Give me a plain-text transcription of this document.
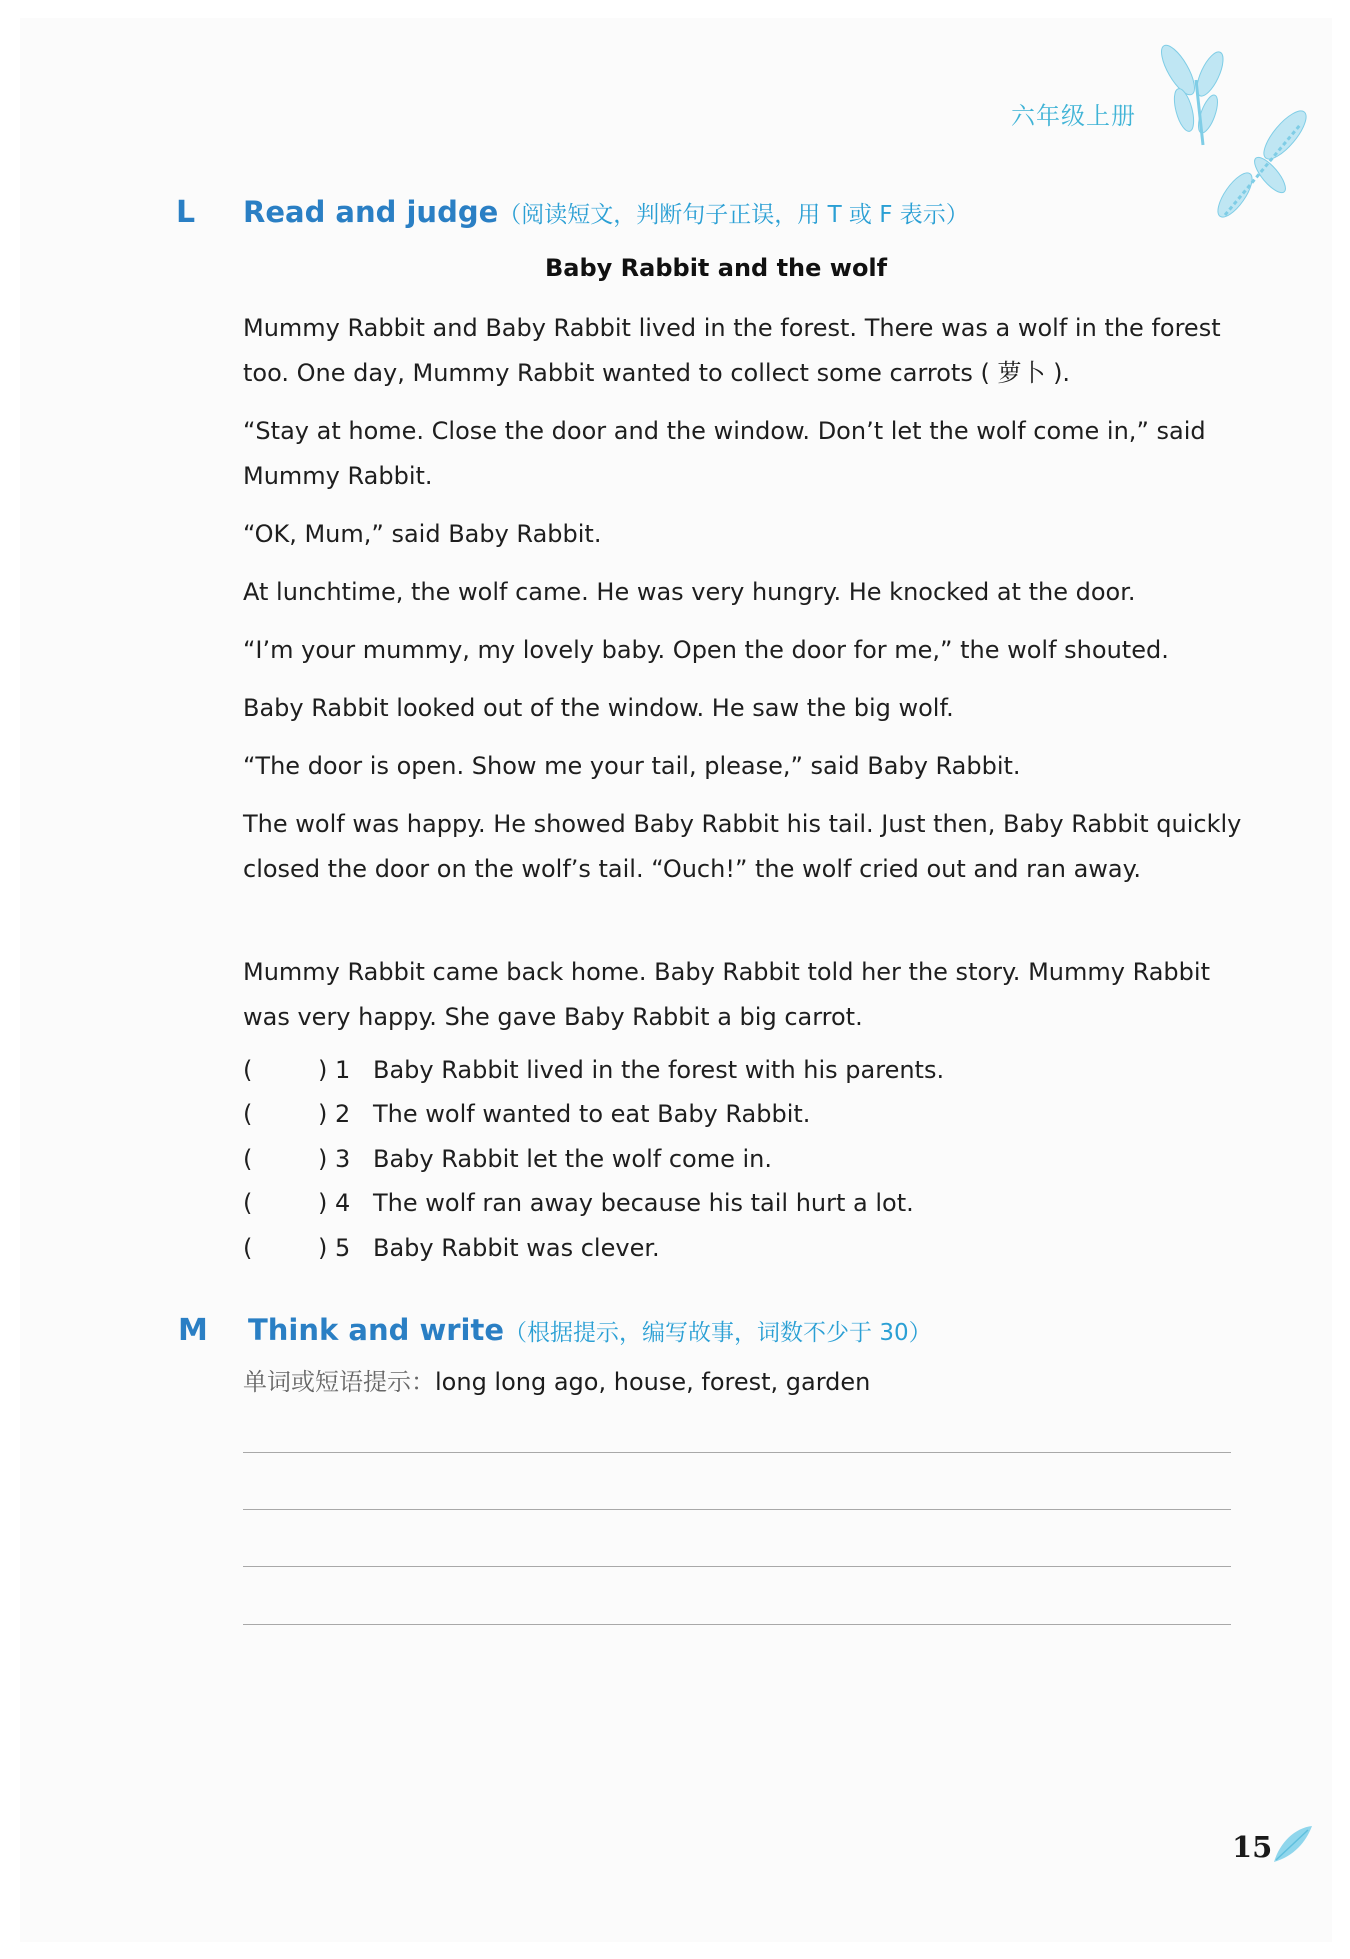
六年级上册
L Read and judge（阅读短文，判断句子正误，用 T 或 F 表示）
Baby Rabbit and the wolf

Mummy Rabbit and Baby Rabbit lived in the forest. There was a wolf in the forest too. One day, Mummy Rabbit wanted to collect some carrots ( 萝卜 ).

“Stay at home. Close the door and the window. Don’t let the wolf come in,” said Mummy Rabbit.

“OK, Mum,” said Baby Rabbit.

At lunchtime, the wolf came. He was very hungry. He knocked at the door.

“I’m your mummy, my lovely baby. Open the door for me,” the wolf shouted.

Baby Rabbit looked out of the window. He saw the big wolf.

“The door is open. Show me your tail, please,” said Baby Rabbit.

The wolf was happy. He showed Baby Rabbit his tail. Just then, Baby Rabbit quickly closed the door on the wolf’s tail. “Ouch!” the wolf cried out and ran away.

Mummy Rabbit came back home. Baby Rabbit told her the story. Mummy Rabbit was very happy. She gave Baby Rabbit a big carrot.

(	) 1 Baby Rabbit lived in the forest with his parents.
(	) 2 The wolf wanted to eat Baby Rabbit.
(	) 3 Baby Rabbit let the wolf come in.
(	) 4 The wolf ran away because his tail hurt a lot.
(	) 5 Baby Rabbit was clever.
M Think and write（根据提示，编写故事，词数不少于 30）
单词或短语提示：long long ago, house, forest, garden
15
